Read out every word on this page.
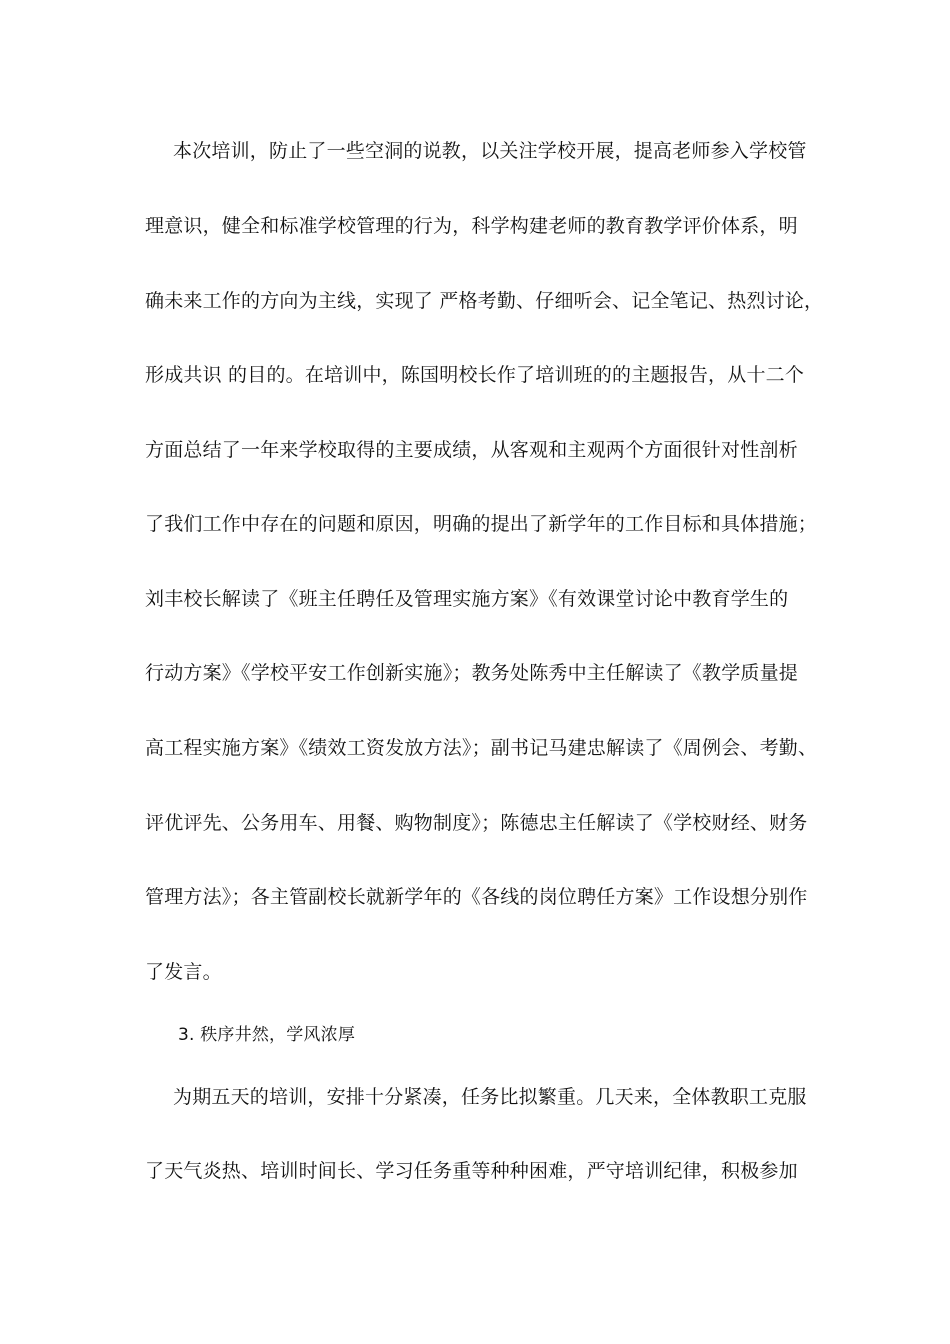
本次培训，防止了一些空洞的说教，以关注学校开展，提高老师参入学校管
理意识，健全和标准学校管理的行为，科学构建老师的教育教学评价体系，明
确未来工作的方向为主线，实现了 严格考勤、仔细听会、记全笔记、热烈讨论，
形成共识 的目的。在培训中，陈国明校长作了培训班的的主题报告，从十二个
方面总结了一年来学校取得的主要成绩，从客观和主观两个方面很针对性剖析
了我们工作中存在的问题和原因，明确的提出了新学年的工作目标和具体措施；
刘丰校长解读了《班主任聘任及管理实施方案》《有效课堂讨论中教育学生的
行动方案》《学校平安工作创新实施》；教务处陈秀中主任解读了《教学质量提
高工程实施方案》《绩效工资发放方法》；副书记马建忠解读了《周例会、考勤、
评优评先、公务用车、用餐、购物制度》；陈德忠主任解读了《学校财经、财务
管理方法》；各主管副校长就新学年的《各线的岗位聘任方案》工作设想分别作
了发言。
3. 秩序井然，学风浓厚
为期五天的培训，安排十分紧凑，任务比拟繁重。几天来，全体教职工克服
了天气炎热、培训时间长、学习任务重等种种困难，严守培训纪律，积极参加
